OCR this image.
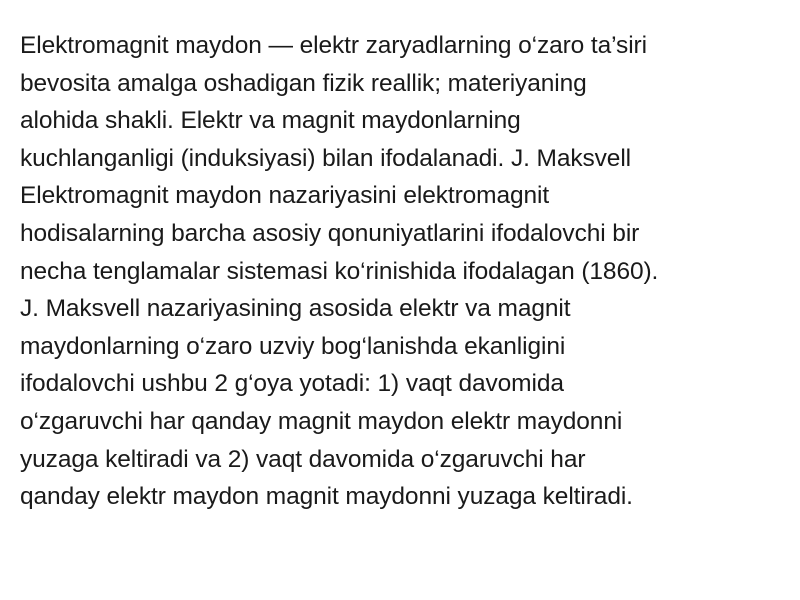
Elektromagnit maydon — elektr zaryadlarning o‘zaro ta’siri
bevosita amalga oshadigan fizik reallik; materiyaning
alohida shakli. Elektr va magnit maydonlarning
kuchlanganligi (induksiyasi) bilan ifodalanadi. J. Maksvell
Elektromagnit maydon nazariyasini elektromagnit
hodisalarning barcha asosiy qonuniyatlarini ifodalovchi bir
necha tenglamalar sistemasi ko‘rinishida ifodalagan (1860).
J. Maksvell nazariyasining asosida elektr va magnit
maydonlarning o‘zaro uzviy bog‘lanishda ekanligini
ifodalovchi ushbu 2 g‘oya yotadi: 1) vaqt davomida
o‘zgaruvchi har qanday magnit maydon elektr maydonni
yuzaga keltiradi va 2) vaqt davomida o‘zgaruvchi har
qanday elektr maydon magnit maydonni yuzaga keltiradi.
